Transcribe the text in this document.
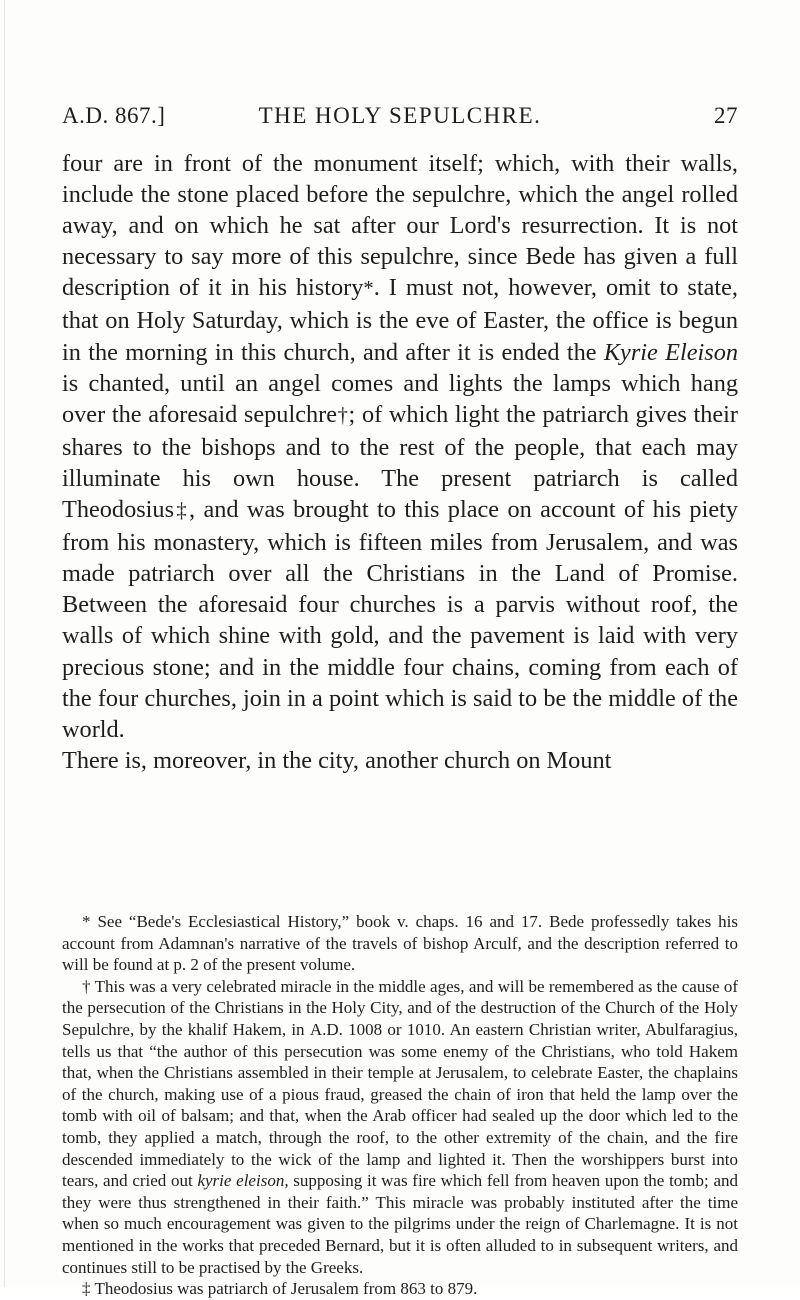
A.D. 867.]	THE HOLY SEPULCHRE.	27

four are in front of the monument itself; which, with their walls, include the stone placed before the sepulchre, which the angel rolled away, and on which he sat after our Lord's resurrection. It is not necessary to say more of this sepulchre, since Bede has given a full description of it in his history*. I must not, however, omit to state, that on Holy Saturday, which is the eve of Easter, the office is begun in the morning in this church, and after it is ended the Kyrie Eleison is chanted, until an angel comes and lights the lamps which hang over the aforesaid sepulchre†; of which light the patriarch gives their shares to the bishops and to the rest of the people, that each may illuminate his own house. The present patriarch is called Theodosius‡, and was brought to this place on account of his piety from his monastery, which is fifteen miles from Jerusalem, and was made patriarch over all the Christians in the Land of Promise. Between the aforesaid four churches is a parvis without roof, the walls of which shine with gold, and the pavement is laid with very precious stone; and in the middle four chains, coming from each of the four churches, join in a point which is said to be the middle of the world.

There is, moreover, in the city, another church on Mount

* See “Bede's Ecclesiastical History,” book v. chaps. 16 and 17. Bede professedly takes his account from Adamnan's narrative of the travels of bishop Arculf, and the description referred to will be found at p. 2 of the present volume.

† This was a very celebrated miracle in the middle ages, and will be remembered as the cause of the persecution of the Christians in the Holy City, and of the destruction of the Church of the Holy Sepulchre, by the khalif Hakem, in A.D. 1008 or 1010. An eastern Christian writer, Abulfaragius, tells us that “the author of this persecution was some enemy of the Christians, who told Hakem that, when the Christians assembled in their temple at Jerusalem, to celebrate Easter, the chaplains of the church, making use of a pious fraud, greased the chain of iron that held the lamp over the tomb with oil of balsam; and that, when the Arab officer had sealed up the door which led to the tomb, they applied a match, through the roof, to the other extremity of the chain, and the fire descended immediately to the wick of the lamp and lighted it. Then the worshippers burst into tears, and cried out kyrie eleison, supposing it was fire which fell from heaven upon the tomb; and they were thus strengthened in their faith.” This miracle was probably instituted after the time when so much encouragement was given to the pilgrims under the reign of Charlemagne. It is not mentioned in the works that preceded Bernard, but it is often alluded to in subsequent writers, and continues still to be practised by the Greeks.

‡ Theodosius was patriarch of Jerusalem from 863 to 879.
